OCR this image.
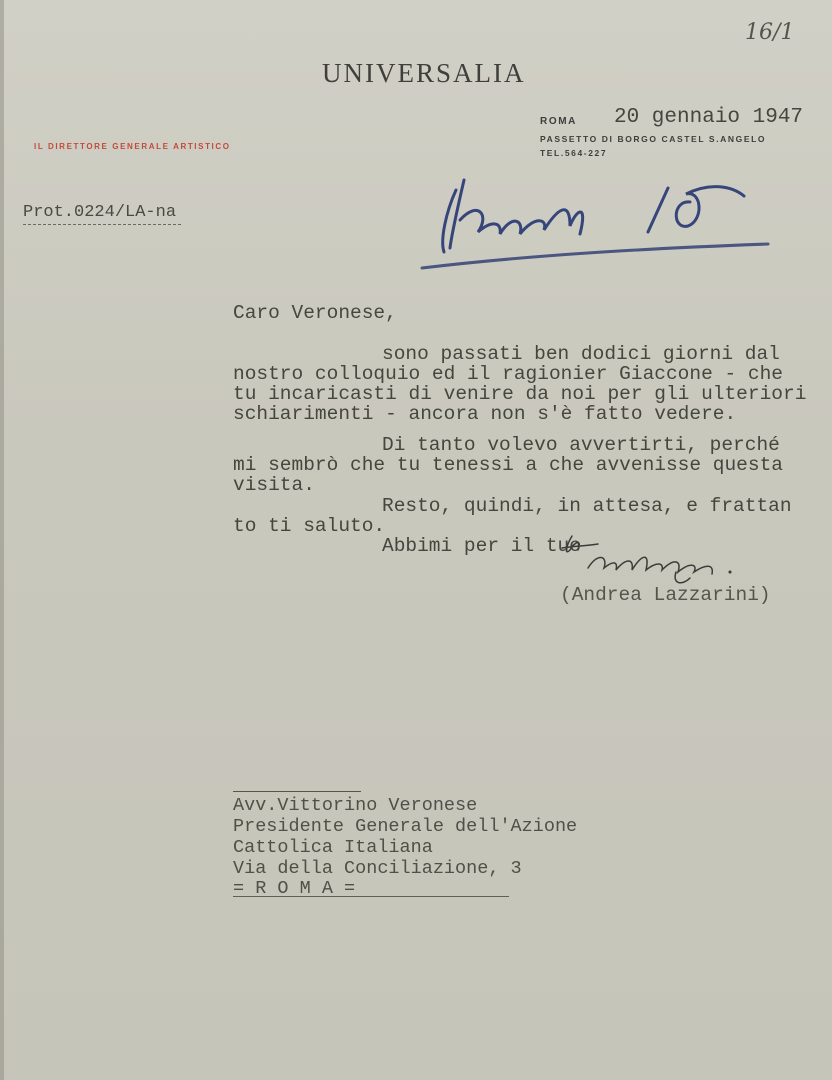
16/1
UNIVERSALIA
IL DIRETTORE GENERALE ARTISTICO
ROMA 20 gennaio 1947
PASSETTO DI BORGO CASTEL S.ANGELO
TEL.564-227
Prot.0224/LA-na
Caro Veronese,
sono passati ben dodici giorni dal
nostro colloquio ed il ragionier Giaccone - che
tu incaricasti di venire da noi per gli ulteriori
schiarimenti - ancora non s'è fatto vedere.
Di tanto volevo avvertirti, perché
mi sembrò che tu tenessi a che avvenisse questa
visita.
Resto, quindi, in attesa, e frattan
to ti saluto.
Abbimi per il tuo
(Andrea Lazzarini)
Avv.Vittorino Veronese
Presidente Generale dell'Azione
Cattolica Italiana
Via della Conciliazione, 3
= R O M A =
